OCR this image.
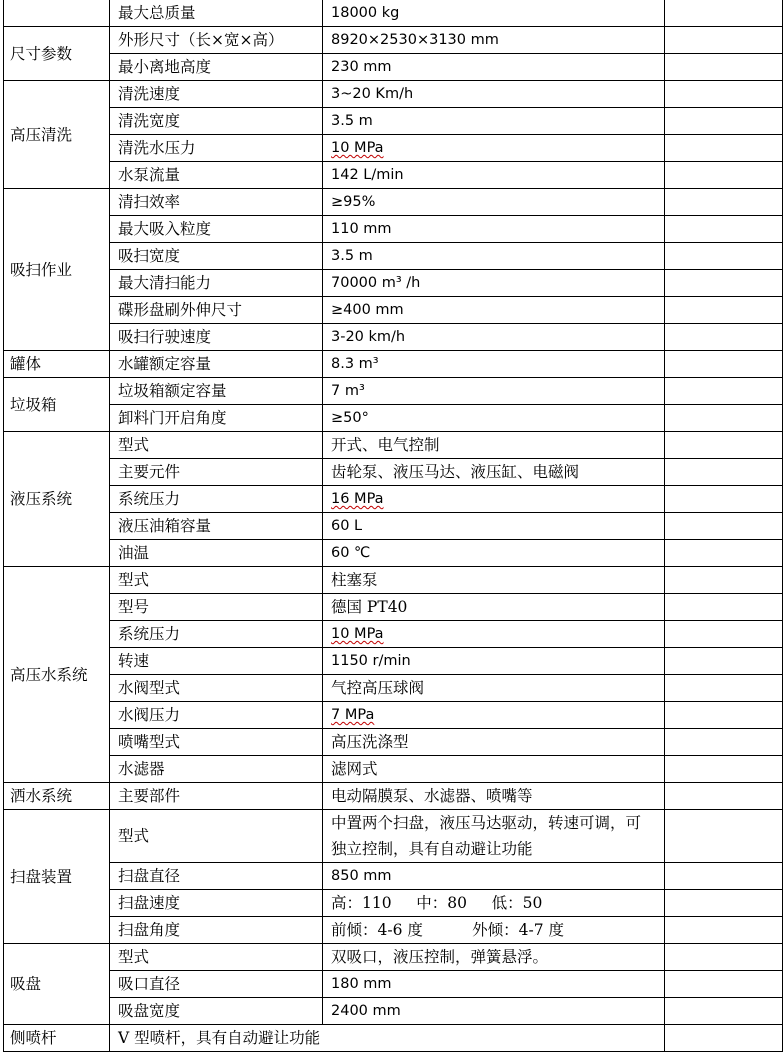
	最大总质量	18000 kg	
尺寸参数	外形尺寸（长×宽×高）	8920×2530×3130 mm	
	最小离地高度	230 mm	
高压清洗	清洗速度	3~20 Km/h	
	清洗宽度	3.5 m	
	清洗水压力	10 MPa	
	水泵流量	142 L/min	
吸扫作业	清扫效率	≥95%	
	最大吸入粒度	110 mm	
	吸扫宽度	3.5 m	
	最大清扫能力	70000 m³ /h	
	碟形盘刷外伸尺寸	≥400 mm	
	吸扫行驶速度	3-20 km/h	
罐体	水罐额定容量	8.3 m³	
垃圾箱	垃圾箱额定容量	7 m³	
	卸料门开启角度	≥50°	
液压系统	型式	开式、电气控制	
	主要元件	齿轮泵、液压马达、液压缸、电磁阀	
	系统压力	16 MPa	
	液压油箱容量	60 L	
	油温	60 ℃	
高压水系统	型式	柱塞泵	
	型号	德国 PT40	
	系统压力	10 MPa	
	转速	1150 r/min	
	水阀型式	气控高压球阀	
	水阀压力	7 MPa	
	喷嘴型式	高压洗涤型	
	水滤器	滤网式	
洒水系统	主要部件	电动隔膜泵、水滤器、喷嘴等	
扫盘装置	型式	中置两个扫盘，液压马达驱动，转速可调，可独立控制，具有自动避让功能	
	扫盘直径	850 mm	
	扫盘速度	高：110     中：80     低：50	
	扫盘角度	前倾：4-6 度          外倾：4-7 度	
吸盘	型式	双吸口，液压控制，弹簧悬浮。	
	吸口直径	180 mm	
	吸盘宽度	2400 mm	
侧喷杆	V 型喷杆，具有自动避让功能		
